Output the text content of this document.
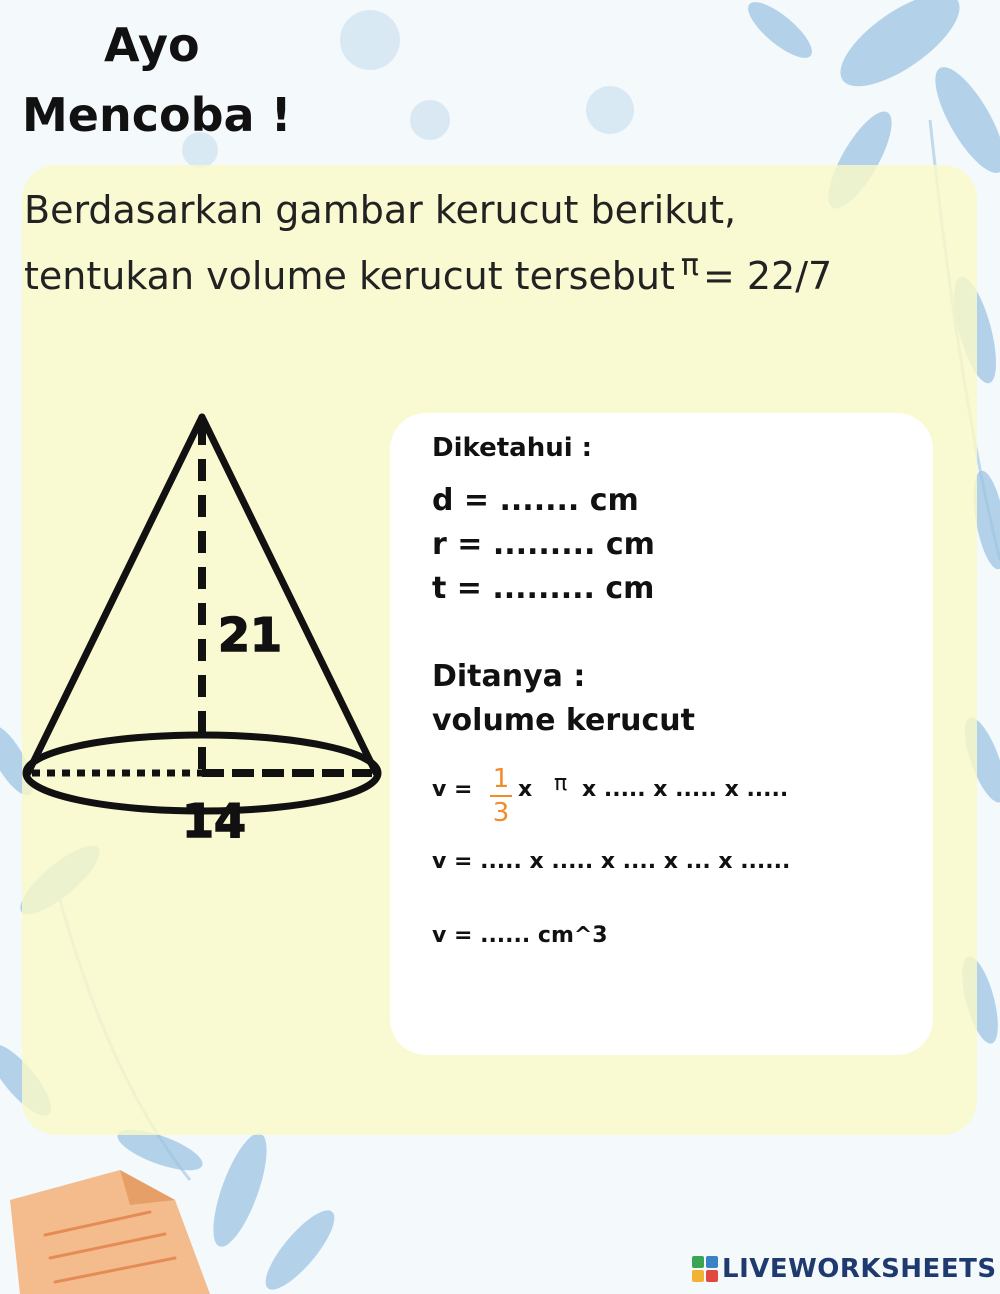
Ayo
Mencoba !
Berdasarkan gambar kerucut berikut,
tentukan volume kerucut tersebut $^\pi$ = 22/7
21
14
Diketahui :
d = ....... cm
r = ......... cm
t = ......... cm
Ditanya :
volume kerucut
v = 1
3
x π x ..... x ..... x .....
v = ..... x ..... x .... x ... x ......
v = ...... cm^3
LIVEWORKSHEETS
